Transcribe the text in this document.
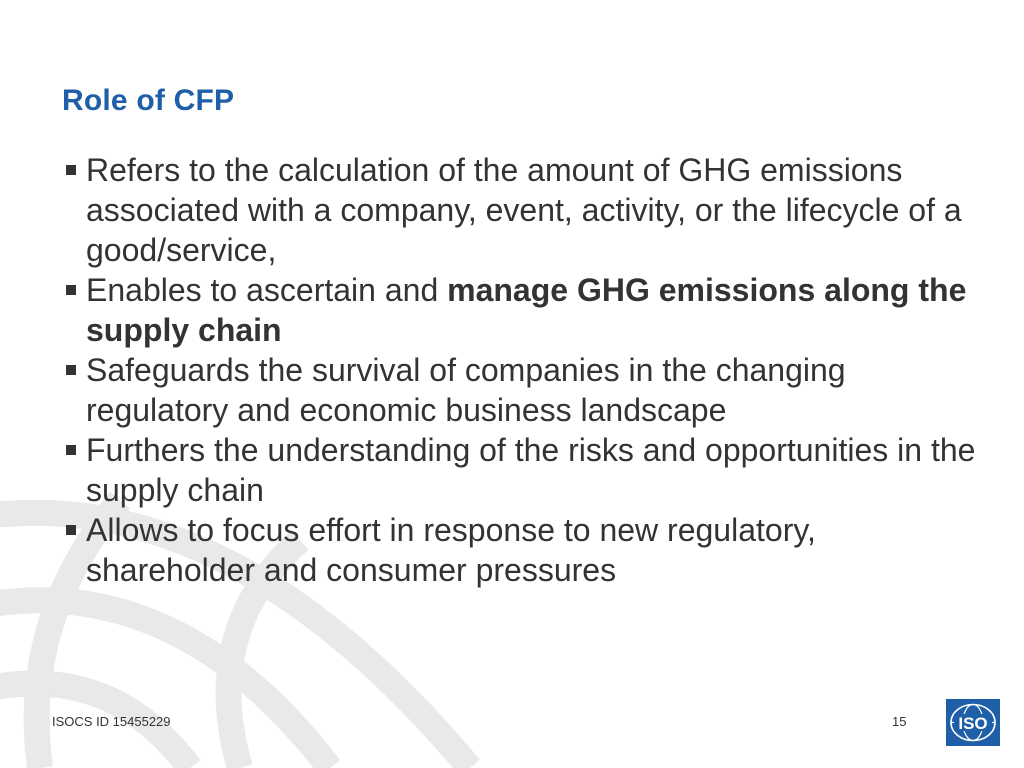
Role of CFP
Refers to the calculation of the amount of GHG emissions associated with a company, event, activity, or the lifecycle of a good/service,
Enables to ascertain and manage GHG emissions along the supply chain
Safeguards the survival of companies in the changing regulatory and economic business landscape
Furthers the understanding of the risks and opportunities in the supply chain
Allows to focus effort in response to new regulatory, shareholder and consumer pressures
ISOCS ID 15455229	15	ISO
